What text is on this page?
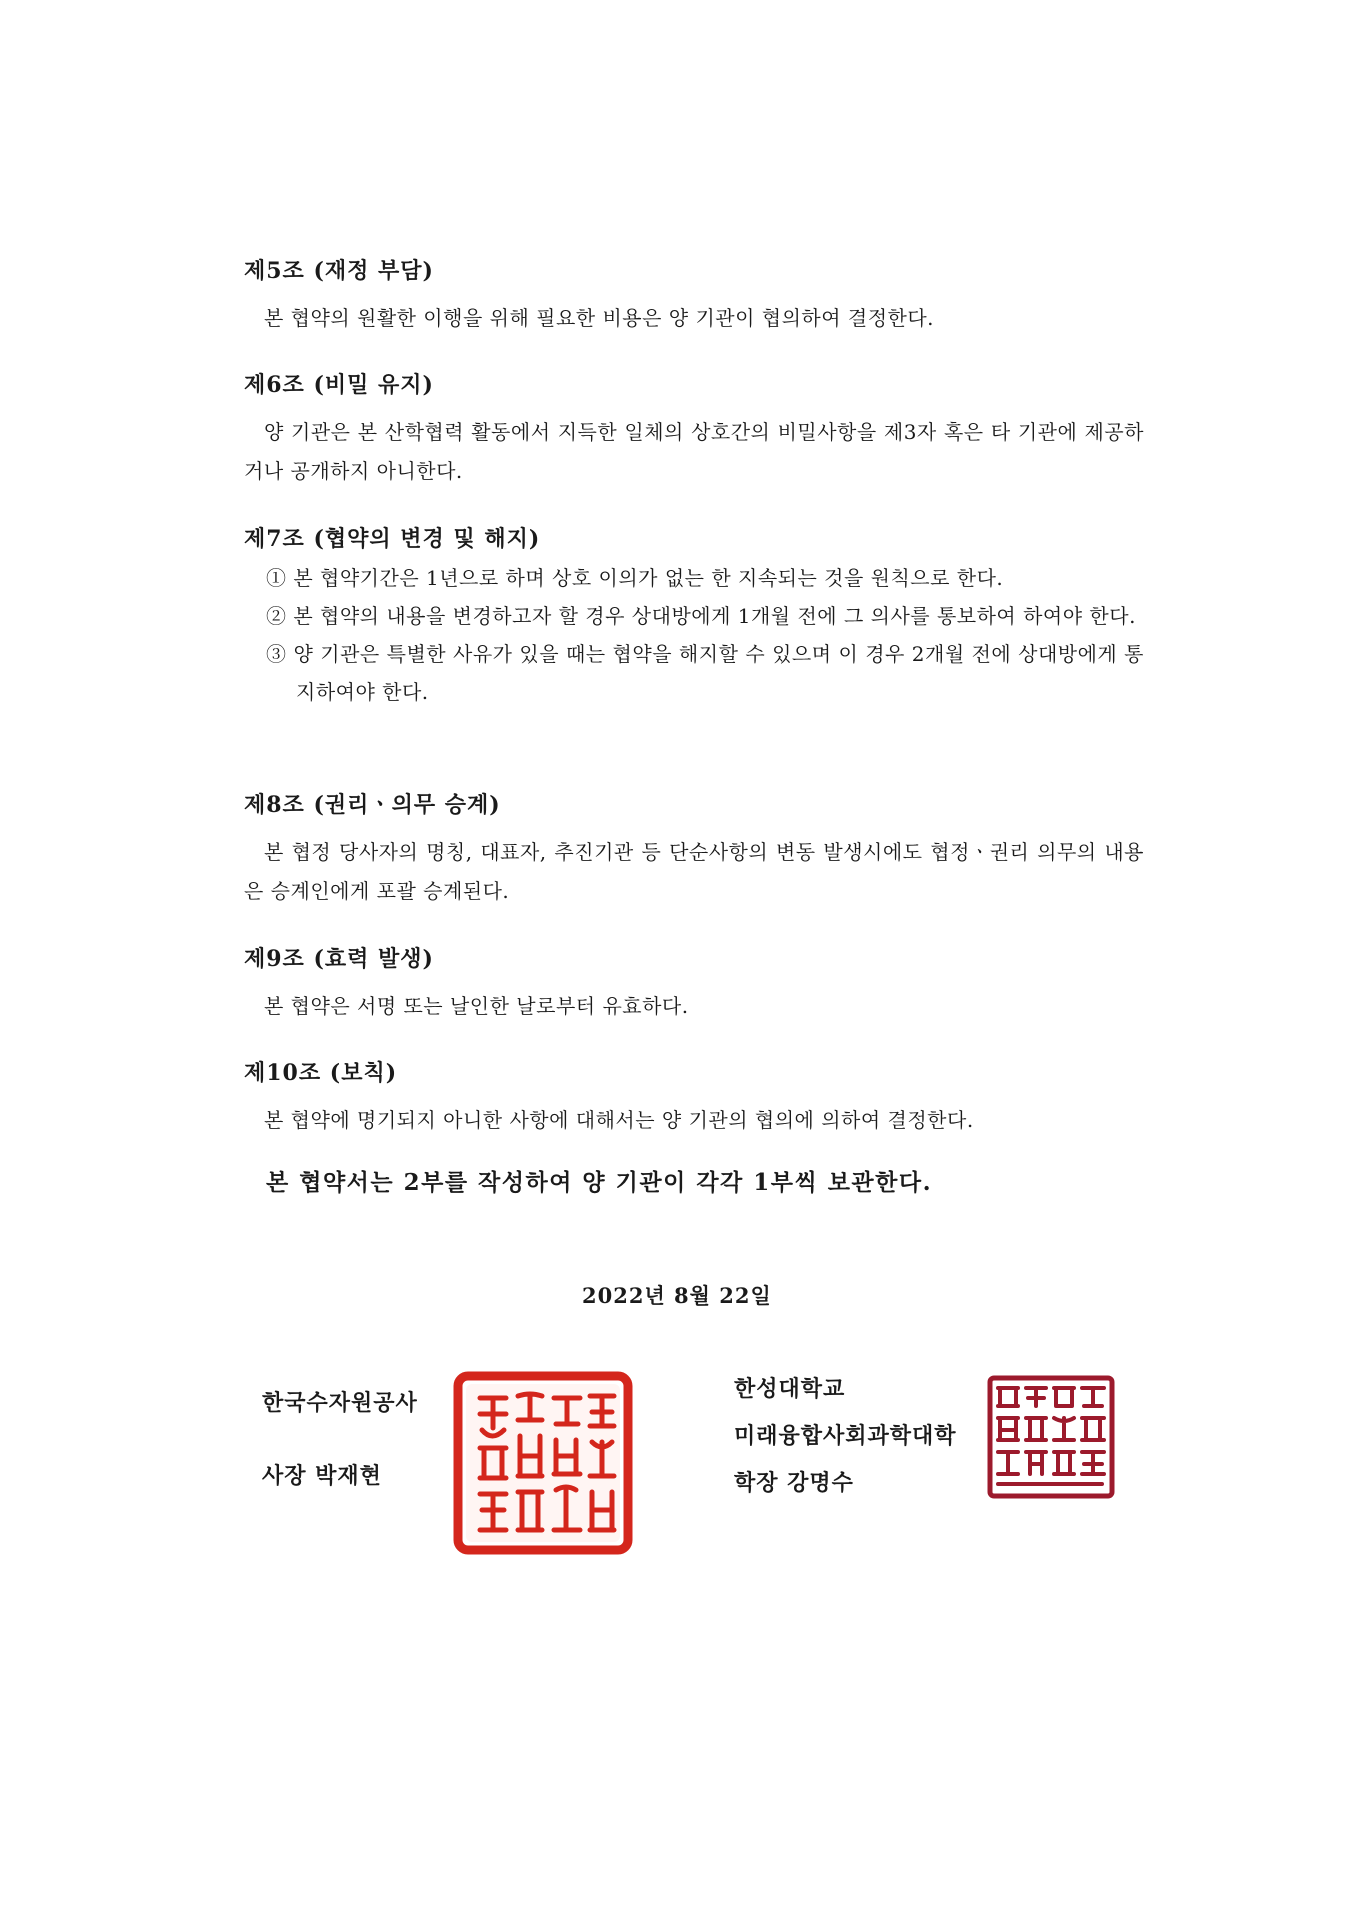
제5조 (재정 부담)

본 협약의 원활한 이행을 위해 필요한 비용은 양 기관이 협의하여 결정한다.

제6조 (비밀 유지)

양 기관은 본 산학협력 활동에서 지득한 일체의 상호간의 비밀사항을 제3자 혹은 타 기관에 제공하거나 공개하지 아니한다.

제7조 (협약의 변경 및 해지)
① 본 협약기간은 1년으로 하며 상호 이의가 없는 한 지속되는 것을 원칙으로 한다.
② 본 협약의 내용을 변경하고자 할 경우 상대방에게 1개월 전에 그 의사를 통보하여 하여야 한다.
③ 양 기관은 특별한 사유가 있을 때는 협약을 해지할 수 있으며 이 경우 2개월 전에 상대방에게 통지하여야 한다.
제8조 (권리ㆍ의무 승계)

본 협정 당사자의 명칭, 대표자, 추진기관 등 단순사항의 변동 발생시에도 협정ㆍ권리 의무의 내용은 승계인에게 포괄 승계된다.

제9조 (효력 발생)

본 협약은 서명 또는 날인한 날로부터 유효하다.

제10조 (보칙)

본 협약에 명기되지 아니한 사항에 대해서는 양 기관의 협의에 의하여 결정한다.

본 협약서는 2부를 작성하여 양 기관이 각각 1부씩 보관한다.
2022년 8월 22일

한국수자원공사

사장 박재현

한성대학교

미래융합사회과학대학

학장 강명수
